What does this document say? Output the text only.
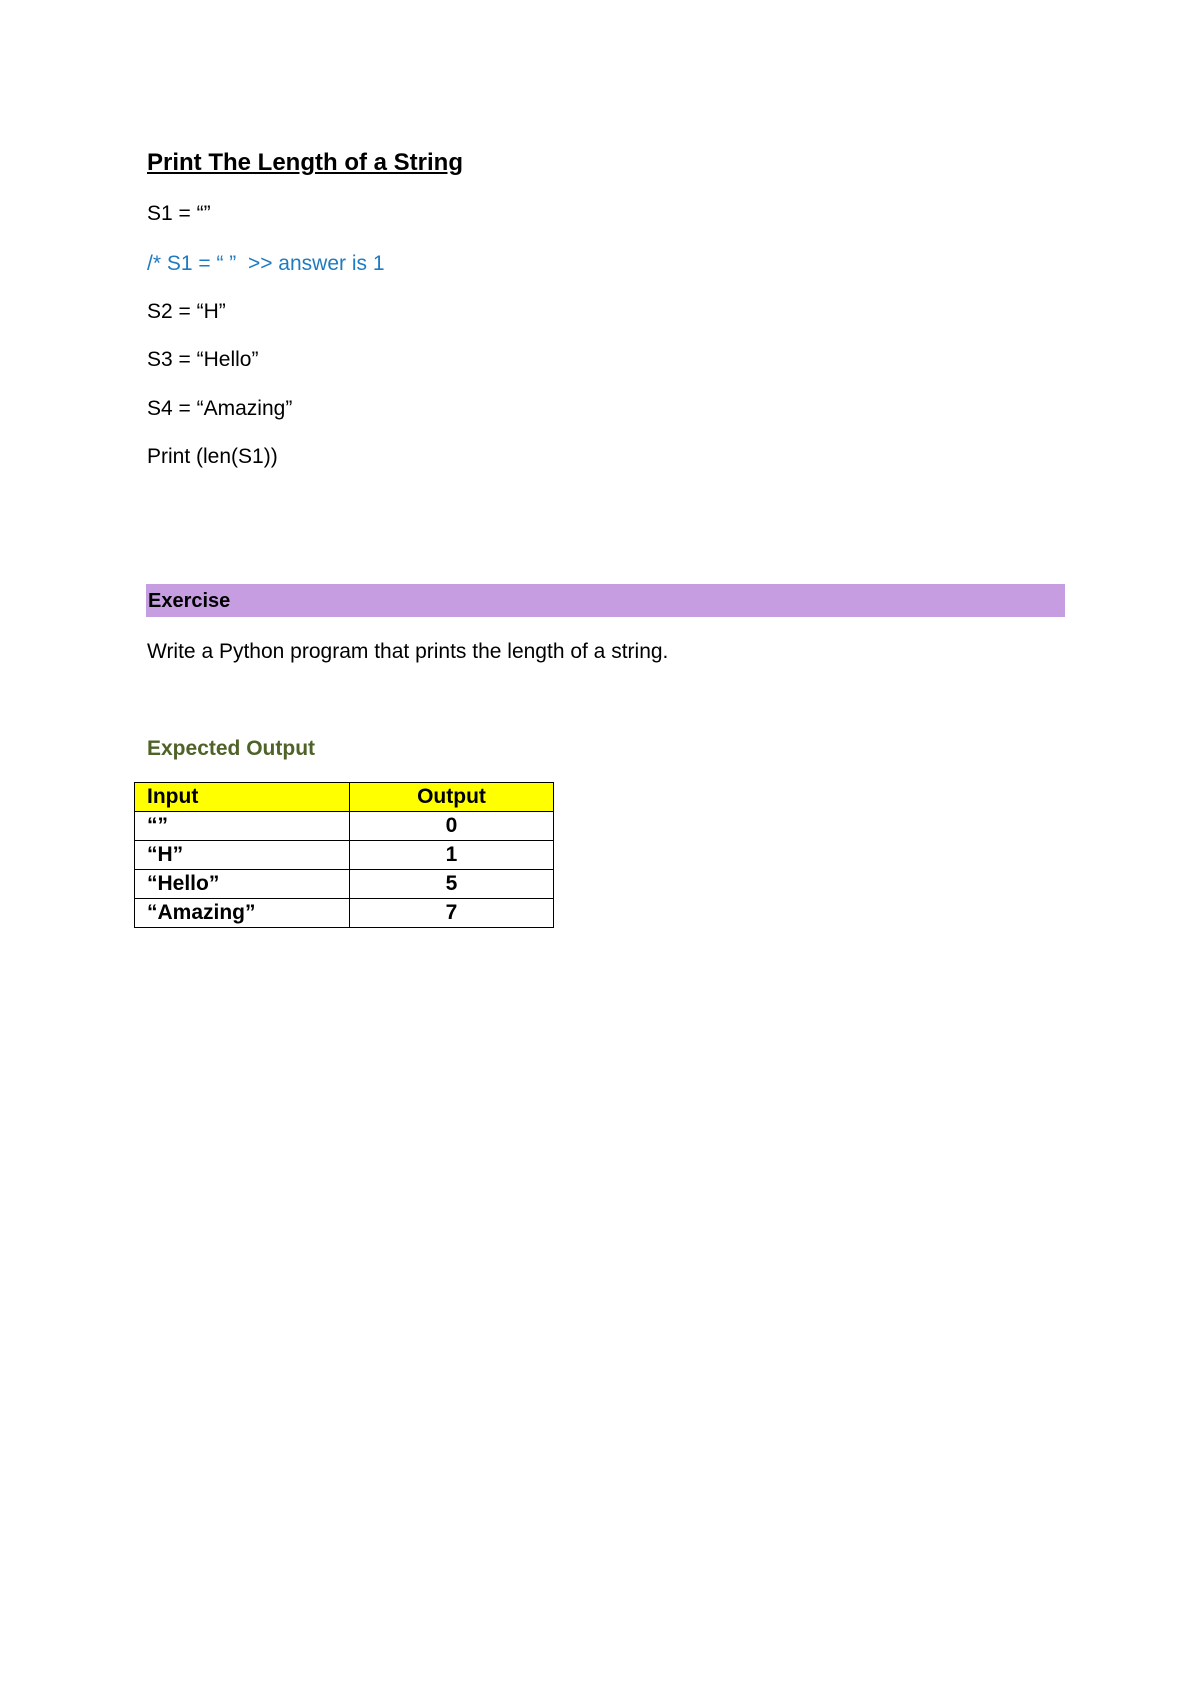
Print The Length of a String
S1 = “”
/* S1 = “ ”  >> answer is 1
S2 = “H”
S3 = “Hello”
S4 = “Amazing”
Print (len(S1))
Exercise
Write a Python program that prints the length of a string.
Expected Output
Input	Output
“”	0
“H”	1
“Hello”	5
“Amazing”	7
